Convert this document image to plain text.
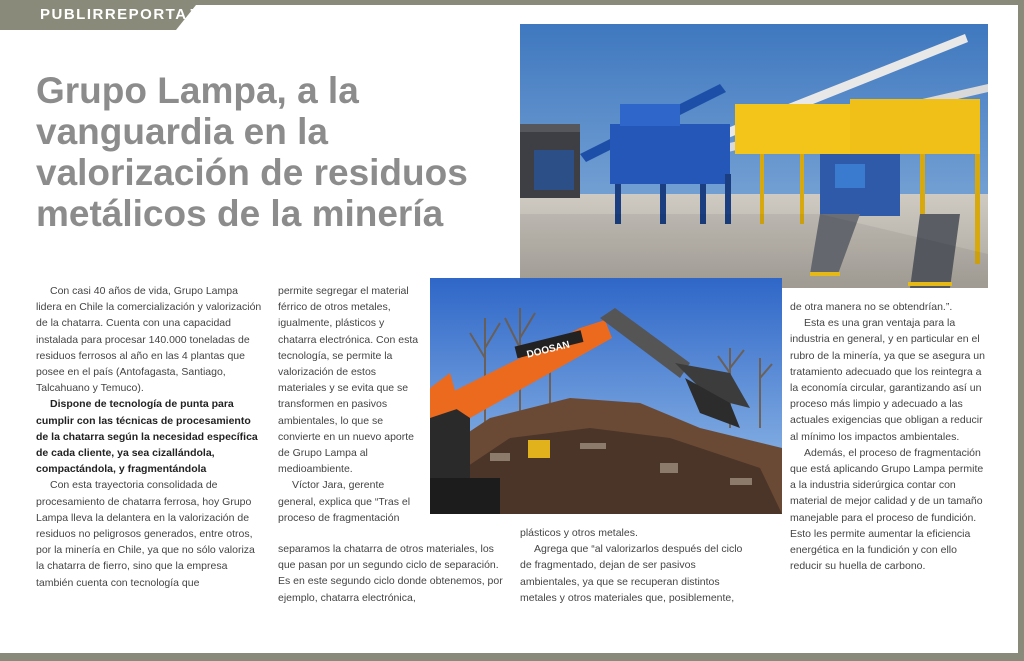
PUBLIRREPORTAJE
Grupo Lampa, a la vanguardia en la valorización de residuos metálicos de la minería
DOOSAN

Con casi 40 años de vida, Grupo Lampa lidera en Chile la comercialización y valorización de la chatarra. Cuenta con una capacidad instalada para procesar 140.000 toneladas de residuos ferrosos al año en las 4 plantas que posee en el país (Antofagasta, Santiago, Talcahuano y Temuco).

Dispone de tecnología de punta para cumplir con las técnicas de procesamiento de la chatarra según la necesidad específica de cada cliente, ya sea cizallándola, compactándola, y fragmentándola

Con esta trayectoria consolidada de procesamiento de chatarra ferrosa, hoy Grupo Lampa lleva la delantera en la valorización de residuos no peligrosos generados, entre otros, por la minería en Chile, ya que no sólo valoriza la chatarra de fierro, sino que la empresa también cuenta con tecnología que

permite segregar el material férrico de otros metales, igualmente, plásticos y chatarra electrónica. Con esta tecnología, se permite la valorización de estos materiales y se evita que se transformen en pasivos ambientales, lo que se convierte en un nuevo aporte de Grupo Lampa al medioambiente.

Víctor Jara, gerente general, explica que “Tras el proceso de fragmentación

separamos la chatarra de otros materiales, los que pasan por un segundo ciclo de separación. Es en este segundo ciclo donde obtenemos, por ejemplo, chatarra electrónica,

plásticos y otros metales.

Agrega que “al valorizarlos después del ciclo de fragmentado, dejan de ser pasivos ambientales, ya que se recuperan distintos metales y otros materiales que, posiblemente,

de otra manera no se obtendrían.”.

Esta es una gran ventaja para la industria en general, y en particular en el rubro de la minería, ya que se asegura un tratamiento adecuado que los reintegra a la economía circular, garantizando así un proceso más limpio y adecuado a las actuales exigencias que obligan a reducir al mínimo los impactos ambientales.

Además, el proceso de fragmentación que está aplicando Grupo Lampa permite a la industria siderúrgica contar con material de mejor calidad y de un tamaño manejable para el proceso de fundición. Esto les permite aumentar la eficiencia energética en la fundición y con ello reducir su huella de carbono.
